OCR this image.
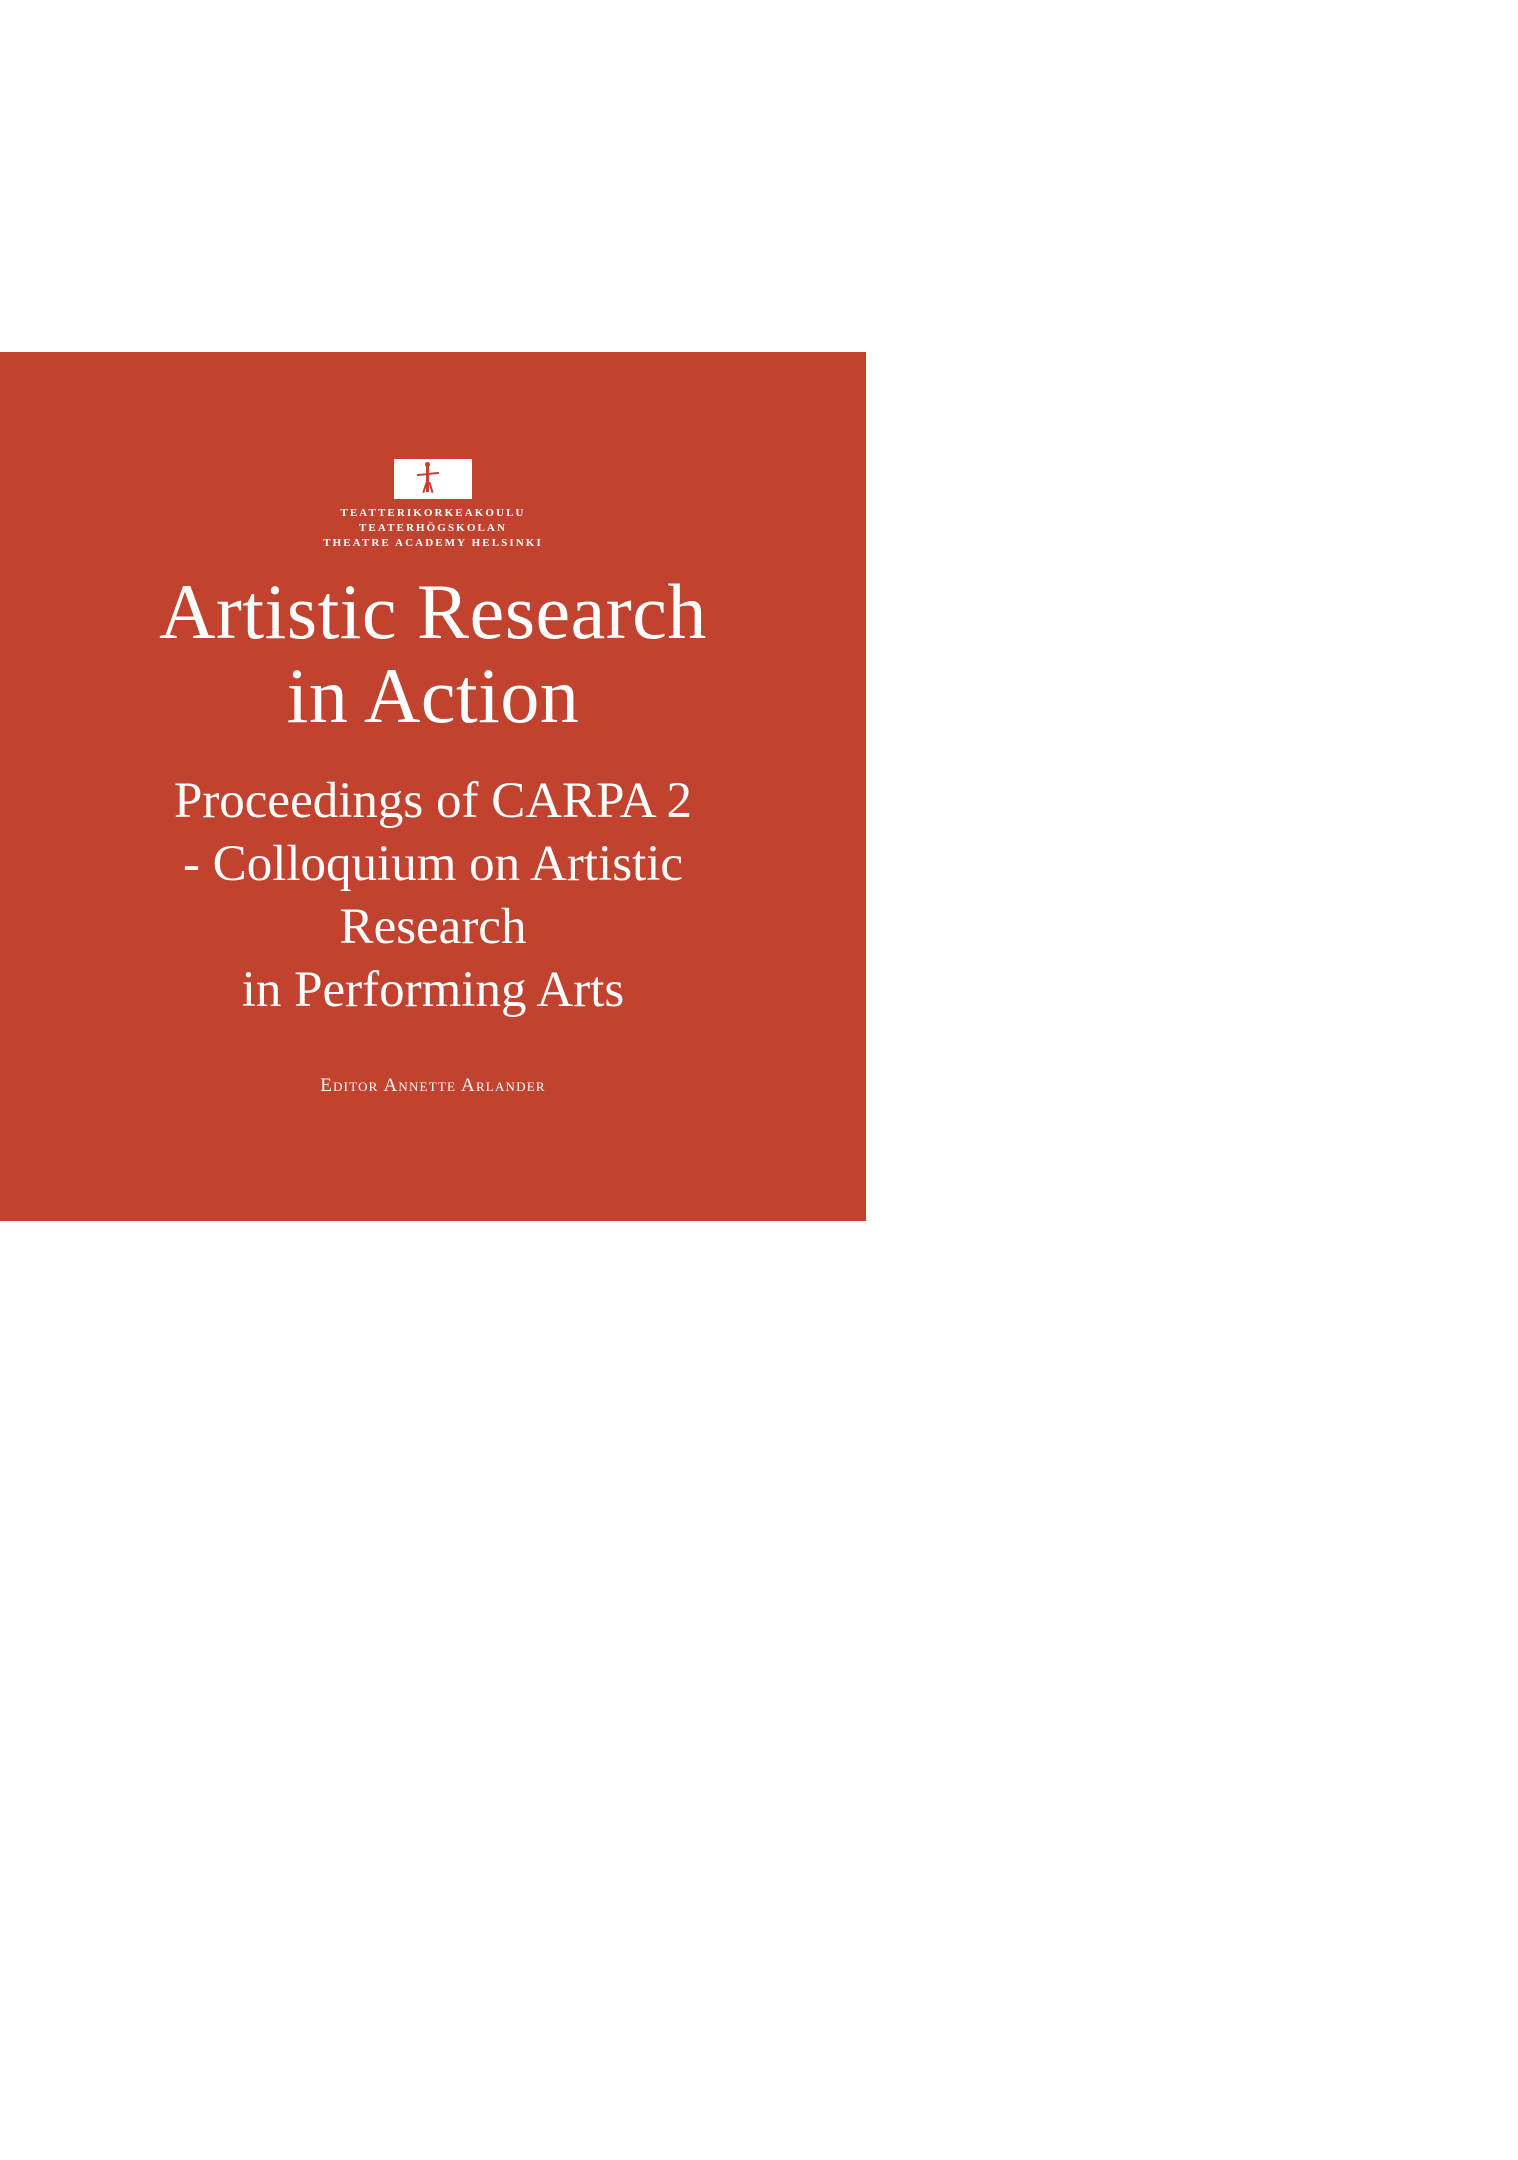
TEATTERIKORKEAKOULU
TEATERHÖGSKOLAN
THEATRE ACADEMY HELSINKI
Artistic Research
in Action
Proceedings of CARPA 2
- Colloquium on Artistic
Research
in Performing Arts
Editor Annette Arlander
